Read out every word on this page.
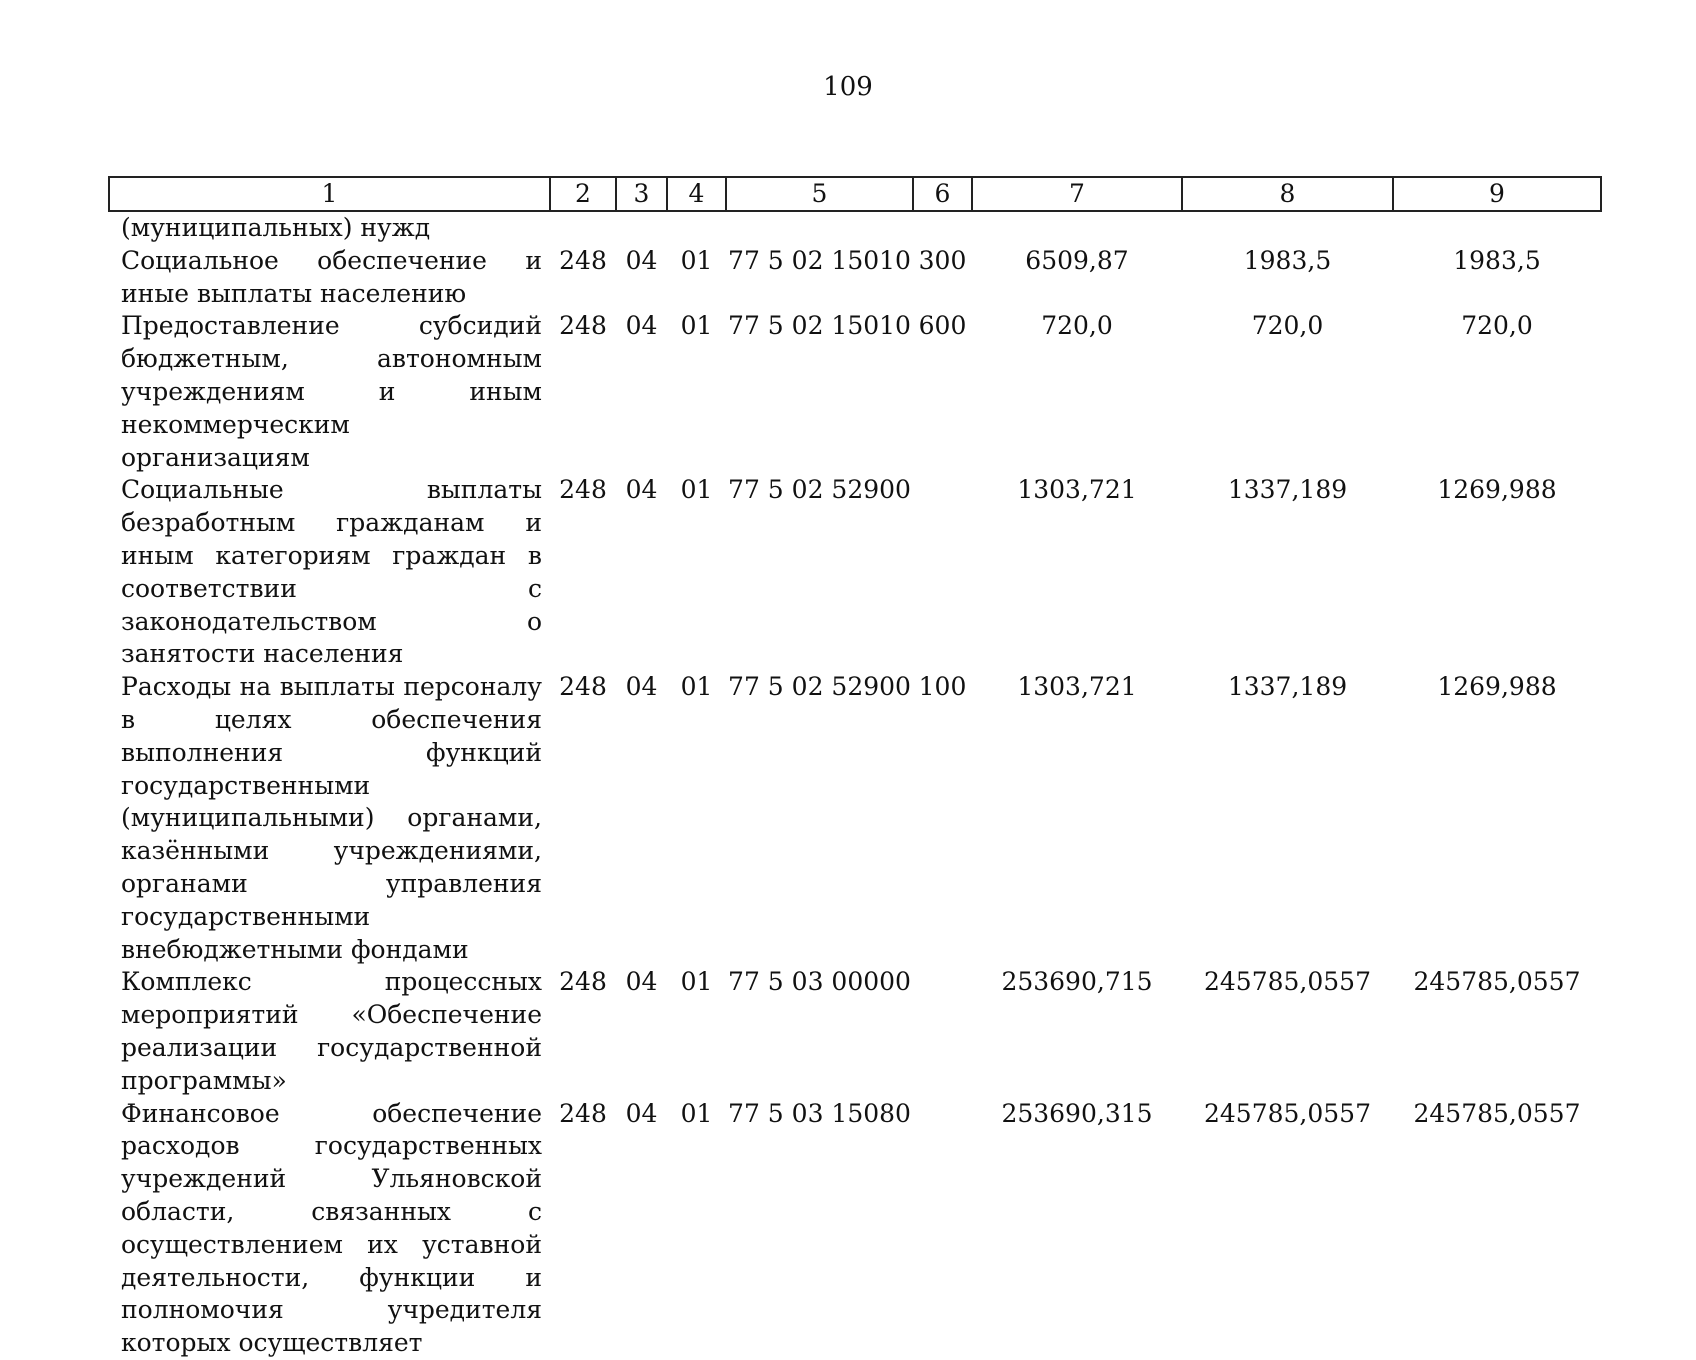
109
1	2	3	4	5	6	7	8	9
(муниципальных) нужд								
Социальное обеспечение и иные выплаты населению	248	04	01	77 5 02 15010	300	6509,87	1983,5	1983,5
Предоставление субсидий бюджетным, автономным учреждениям и иным некоммерческим организациям	248	04	01	77 5 02 15010	600	720,0	720,0	720,0
Социальные выплаты безработным гражданам и иным категориям граждан в соответствии с законодательством о занятости населения	248	04	01	77 5 02 52900		1303,721	1337,189	1269,988
Расходы на выплаты персоналу в целях обеспечения выполнения функций государственными (муниципальными) органами, казёнными учреждениями, органами управления государственными внебюджетными фондами	248	04	01	77 5 02 52900	100	1303,721	1337,189	1269,988
Комплекс процессных мероприятий «Обеспечение реализации государственной программы»	248	04	01	77 5 03 00000		253690,715	245785,0557	245785,0557
Финансовое обеспечение расходов государственных учреждений Ульяновской области, связанных с осуществлением их уставной деятельности, функции и полномочия учредителя которых осуществляет	248	04	01	77 5 03 15080		253690,315	245785,0557	245785,0557
